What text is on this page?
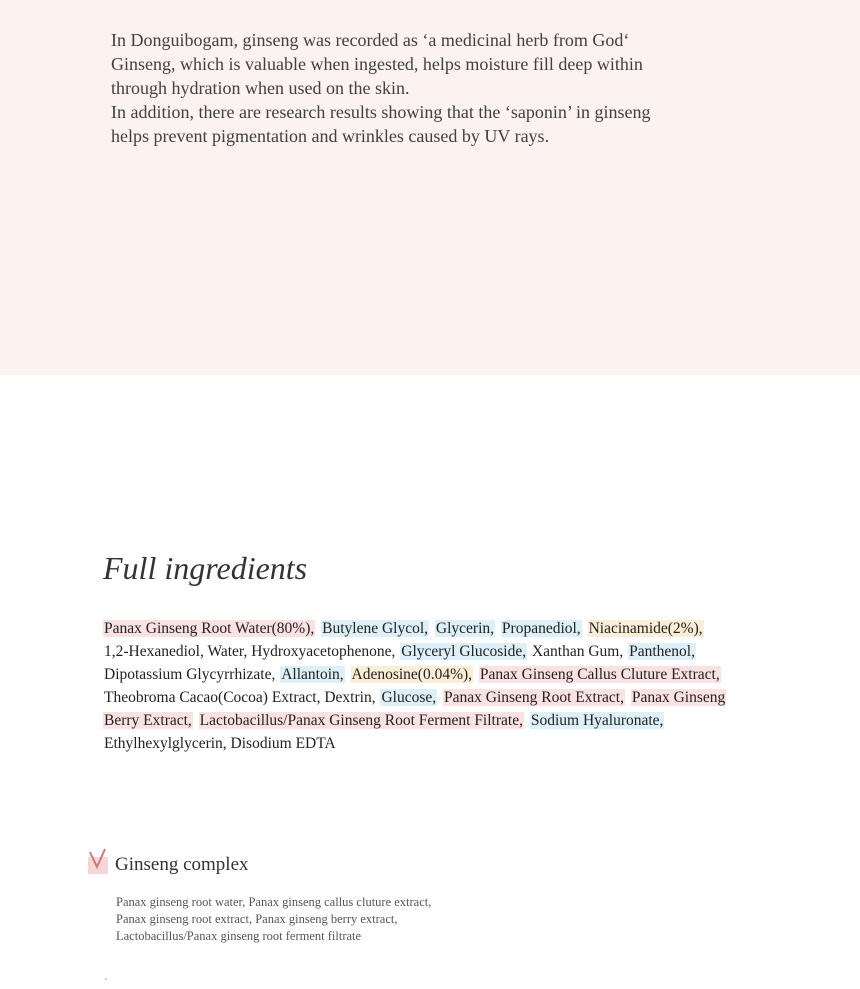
In Donguibogam, ginseng was recorded as ‘a medicinal herb from God‘
Ginseng, which is valuable when ingested, helps moisture fill deep within
through hydration when used on the skin.
In addition, there are research results showing that the ‘saponin’ in ginseng
helps prevent pigmentation and wrinkles caused by UV rays.

Full ingredients
Panax Ginseng Root Water(80%), Butylene Glycol, Glycerin, Propanediol, Niacinamide(2%),
1,2-Hexanediol, Water, Hydroxyacetophenone, Glyceryl Glucoside, Xanthan Gum, Panthenol,
Dipotassium Glycyrrhizate, Allantoin, Adenosine(0.04%), Panax Ginseng Callus Cluture Extract,
Theobroma Cacao(Cocoa) Extract, Dextrin, Glucose, Panax Ginseng Root Extract, Panax Ginseng
Berry Extract, Lactobacillus/Panax Ginseng Root Ferment Filtrate, Sodium Hyaluronate,
Ethylhexylglycerin, Disodium EDTA
Ginseng complex

Panax ginseng root water, Panax ginseng callus cluture extract,
Panax ginseng root extract, Panax ginseng berry extract,
Lactobacillus/Panax ginseng root ferment filtrate

´
